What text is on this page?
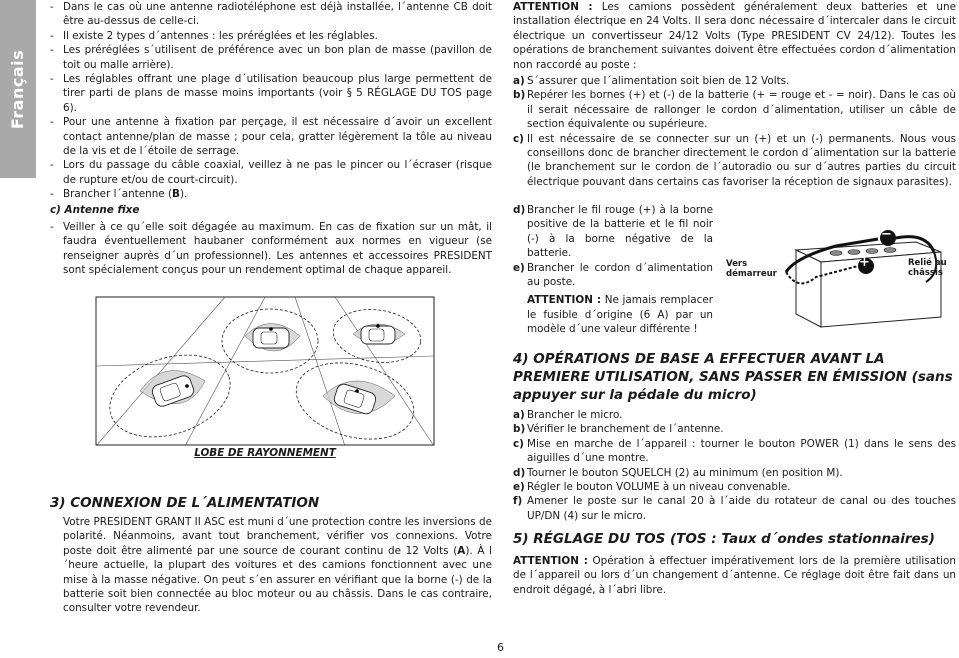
Français
- Dans le cas où une antenne radiotéléphone est déjà installée, l´antenne CB doit être au-dessus de celle-ci.
- Il existe 2 types d´antennes : les préréglées et les réglables.
- Les préréglées s´utilisent de préférence avec un bon plan de masse (pavillon de toit ou malle arrière).
- Les réglables offrant une plage d´utilisation beaucoup plus large permettent de tirer parti de plans de masse moins importants (voir § 5 RÉGLAGE DU TOS page 6).
- Pour une antenne à fixation par perçage, il est nécessaire d´avoir un excellent contact antenne/plan de masse ; pour cela, gratter légèrement la tôle au niveau de la vis et de l´étoile de serrage.
- Lors du passage du câble coaxial, veillez à ne pas le pincer ou l´écraser (risque de rupture et/ou de court-circuit).
- Brancher l´antenne (B).
c) Antenne fixe
- Veiller à ce qu´elle soit dégagée au maximum. En cas de fixation sur un mât, il faudra éventuellement haubaner conformément aux normes en vigueur (se renseigner auprès d´un professionnel). Les antennes et accessoires PRESIDENT sont spécialement conçus pour un rendement optimal de chaque appareil.
3) CONNEXION DE L´ALIMENTATION
Votre PRESIDENT GRANT II ASC est muni d´une protection contre les inversions de polarité. Néanmoins, avant tout branchement, vérifier vos connexions. Votre poste doit être alimenté par une source de courant continu de 12 Volts (A). À l´heure actuelle, la plupart des voitures et des camions fonctionnent avec une mise à la masse négative. On peut s´en assurer en vérifiant que la borne (-) de la batterie soit bien connectée au bloc moteur ou au châssis. Dans le cas contraire, consulter votre revendeur.
LOBE DE RAYONNEMENT
ATTENTION : Les camions possèdent généralement deux batteries et une installation électrique en 24 Volts. Il sera donc nécessaire d´intercaler dans le circuit électrique un convertisseur 24/12 Volts (Type PRESIDENT CV 24/12). Toutes les opérations de branchement suivantes doivent être effectuées cordon d´alimentation non raccordé au poste :
a) S´assurer que l´alimentation soit bien de 12 Volts.
b) Repérer les bornes (+) et (-) de la batterie (+ = rouge et - = noir). Dans le cas où il serait nécessaire de rallonger le cordon d´alimentation, utiliser un câble de section équivalente ou supérieure.
c) Il est nécessaire de se connecter sur un (+) et un (-) permanents. Nous vous conseillons donc de brancher directement le cordon d´alimentation sur la batterie (le branchement sur le cordon de l´autoradio ou sur d´autres parties du circuit électrique pouvant dans certains cas favoriser la réception de signaux parasites).
d) Brancher le fil rouge (+) à la borne positive de la batterie et le fil noir (-) à la borne négative de la batterie.
e) Brancher le cordon d´alimentation au poste.
ATTENTION : Ne jamais remplacer le fusible d´origine (6 A) par un modèle d´une valeur différente !
4) OPÉRATIONS DE BASE A EFFECTUER AVANT LA PREMIERE UTILISATION, SANS PASSER EN ÉMISSION (sans appuyer sur la pédale du micro)
a) Brancher le micro.
b) Vérifier le branchement de l´antenne.
c) Mise en marche de l´appareil : tourner le bouton POWER (1) dans le sens des aiguilles d´une montre.
d) Tourner le bouton SQUELCH (2) au minimum (en position M).
e) Régler le bouton VOLUME à un niveau convenable.
f) Amener le poste sur le canal 20 à l´aide du rotateur de canal ou des touches UP/DN (4) sur le micro.
5) RÉGLAGE DU TOS (TOS : Taux d´ondes stationnaires)
ATTENTION : Opération à effectuer impérativement lors de la première utilisation de l´appareil ou lors d´un changement d´antenne. Ce réglage doit être fait dans un endroit dégagé, à l´abri libre.
−
+
Vers démarreur
Relié au châssis
6
